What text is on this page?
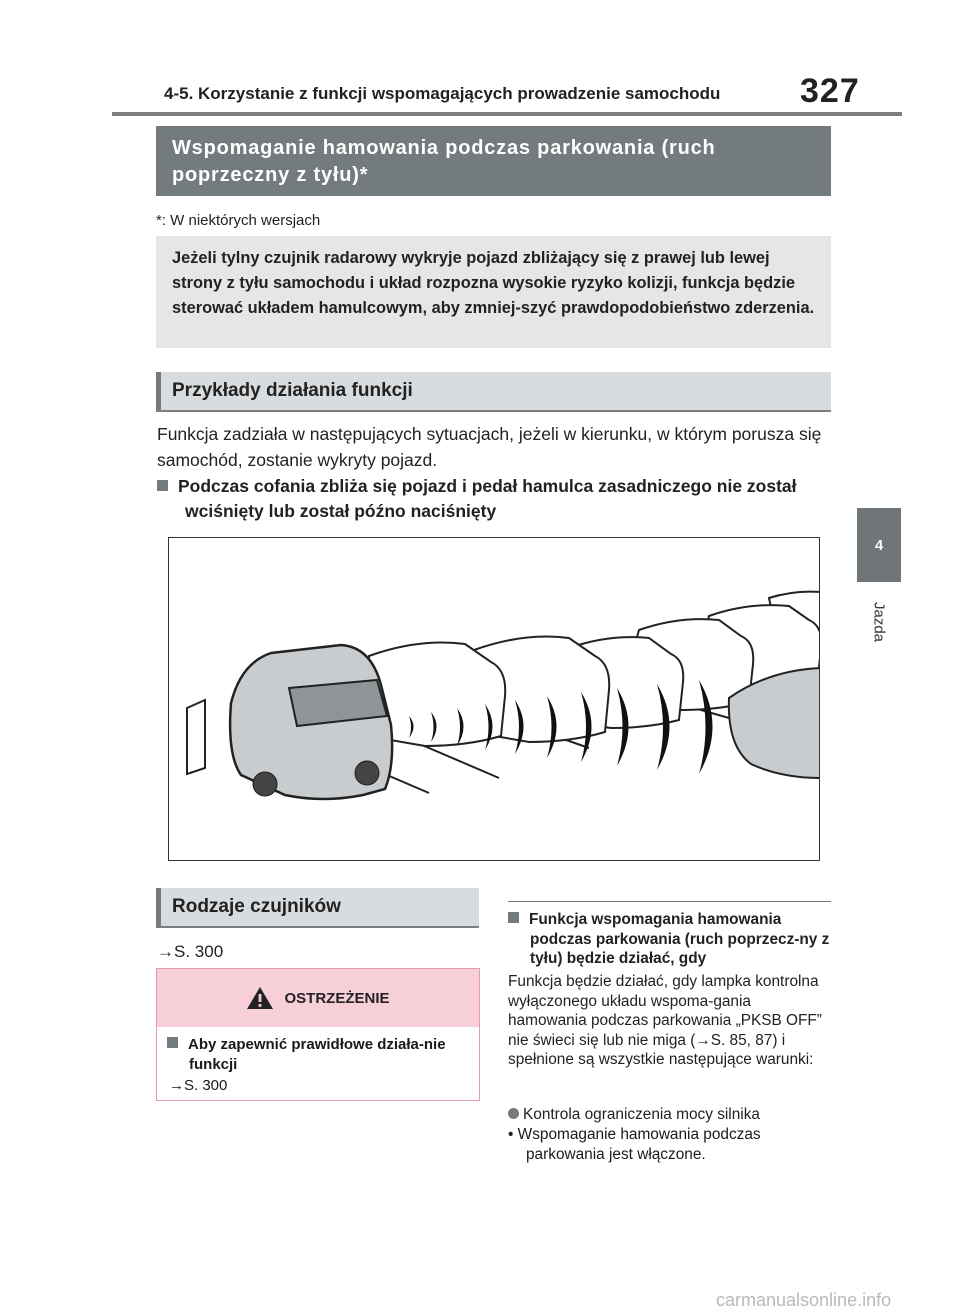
4-5. Korzystanie z funkcji wspomagających prowadzenie samochodu 327
4
Jazda
Wspomaganie hamowania podczas parkowania (ruch poprzeczny z tyłu)*
*: W niektórych wersjach
Jeżeli tylny czujnik radarowy wykryje pojazd zbliżający się z prawej lub lewej strony z tyłu samochodu i układ rozpozna wysokie ryzyko kolizji, funkcja będzie sterować układem hamulcowym, aby zmniej-szyć prawdopodobieństwo zderzenia.
Przykłady działania funkcji
Funkcja zadziała w następujących sytuacjach, jeżeli w kierunku, w którym porusza się samochód, zostanie wykryty pojazd.
Podczas cofania zbliża się pojazd i pedał hamulca zasadniczego nie został wciśnięty lub został późno naciśnięty
Rodzaje czujników
→S. 300
OSTRZEŻENIE
Aby zapewnić prawidłowe działa-nie funkcji
→S. 300
Funkcja wspomagania hamowania podczas parkowania (ruch poprzecz-ny z tyłu) będzie działać, gdy
Funkcja będzie działać, gdy lampka kontrolna wyłączonego układu wspoma-gania hamowania podczas parkowania „PKSB OFF” nie świeci się lub nie miga (→S. 85, 87) i spełnione są wszystkie następujące warunki:
Kontrola ograniczenia mocy silnika
• Wspomaganie hamowania podczas parkowania jest włączone.
carmanualsonline.info
